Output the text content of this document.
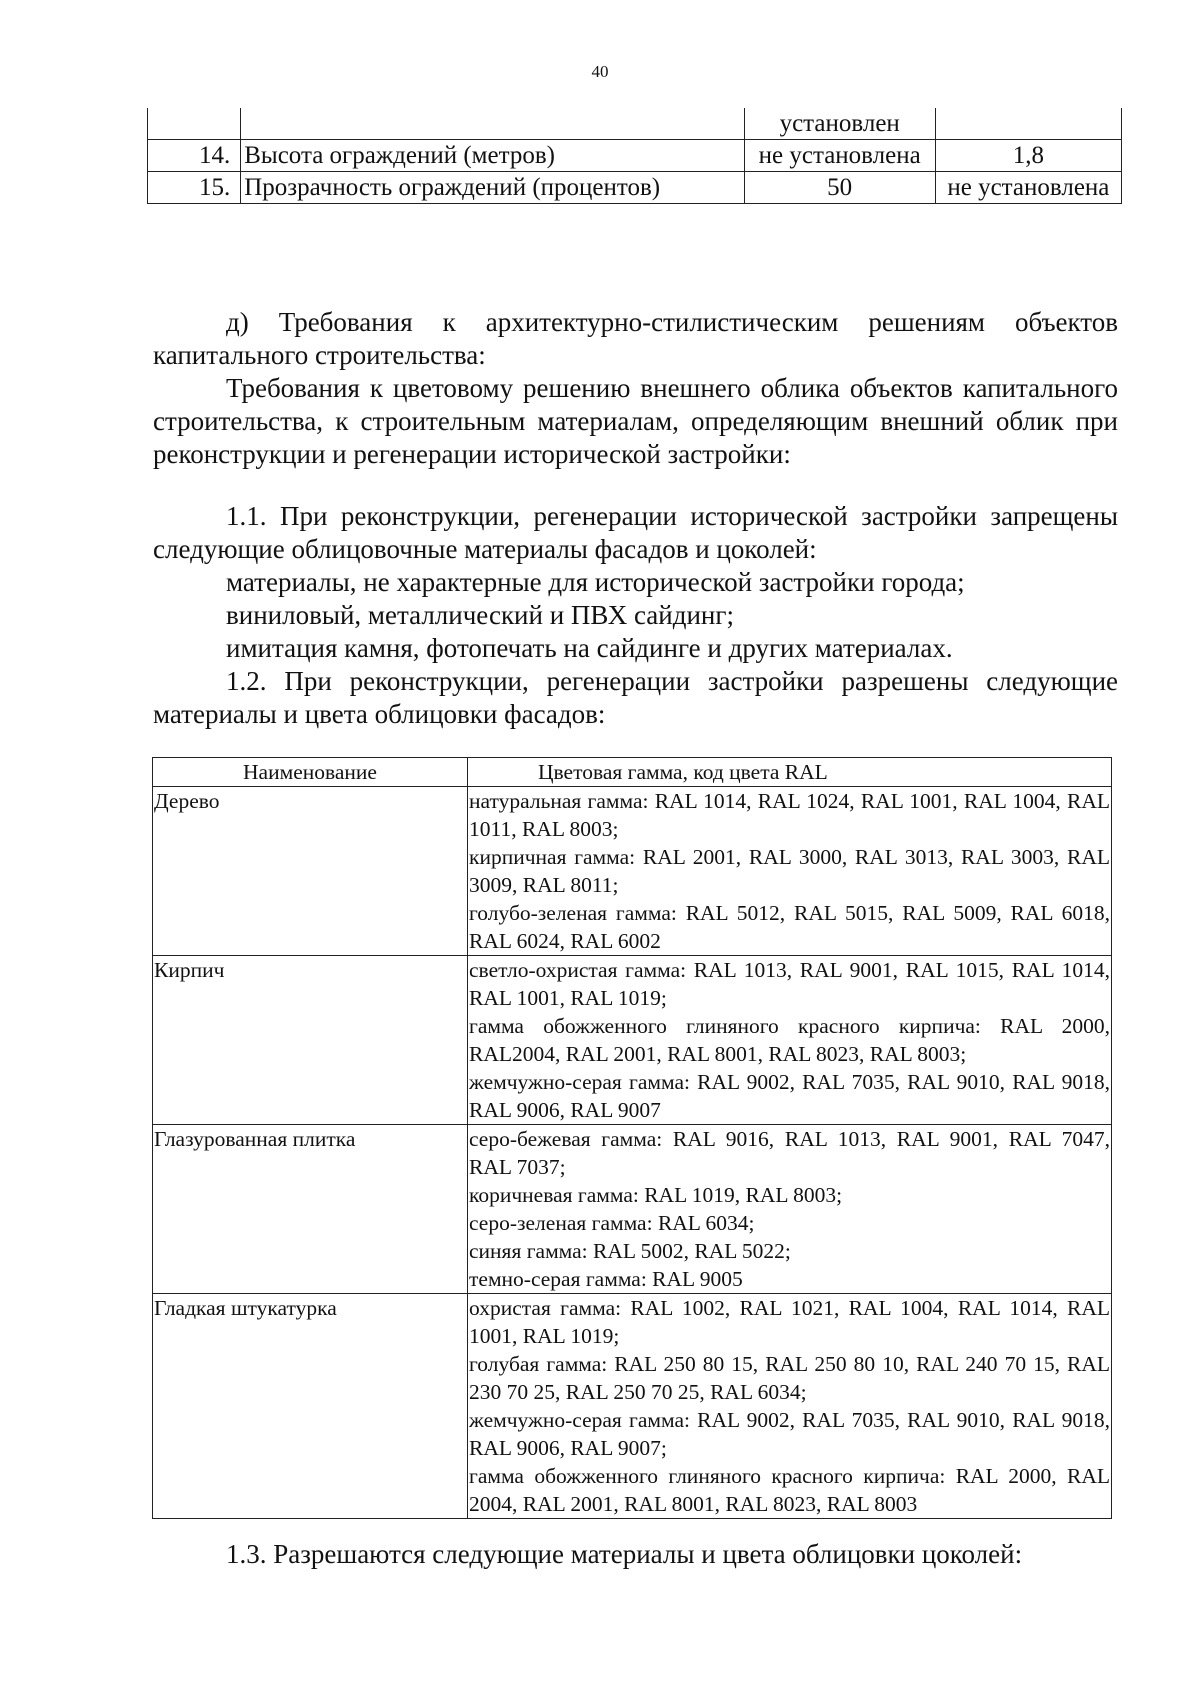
40
		установлен	
14.	Высота ограждений (метров)	не установлена	1,8
15.	Прозрачность ограждений (процентов)	50	не установлена

д) Требования к архитектурно-стилистическим решениям объектов капитального строительства:

Требования к цветовому решению внешнего облика объектов капитального строительства, к строительным материалам, определяющим внешний облик при реконструкции и регенерации исторической застройки:

1.1. При реконструкции, регенерации исторической застройки запрещены следующие облицовочные материалы фасадов и цоколей:

материалы, не характерные для исторической застройки города;

виниловый, металлический и ПВХ сайдинг;

имитация камня, фотопечать на сайдинге и других материалах.

1.2. При реконструкции, регенерации застройки разрешены следующие материалы и цвета облицовки фасадов:

Наименование	Цветовая гамма, код цвета RAL
Дерево	натуральная гамма: RAL 1014, RAL 1024, RAL 1001, RAL 1004, RAL 1011, RAL 8003;
кирпичная гамма: RAL 2001, RAL 3000, RAL 3013, RAL 3003, RAL 3009, RAL 8011;
голубо-зеленая гамма: RAL 5012, RAL 5015, RAL 5009, RAL 6018, RAL 6024, RAL 6002

Кирпич	светло-охристая гамма: RAL 1013, RAL 9001, RAL 1015, RAL 1014, RAL 1001, RAL 1019;
гамма обожженного глиняного красного кирпича: RAL 2000, RAL2004, RAL 2001, RAL 8001, RAL 8023, RAL 8003;
жемчужно-серая гамма: RAL 9002, RAL 7035, RAL 9010, RAL 9018, RAL 9006, RAL 9007

Глазурованная плитка	серо-бежевая гамма: RAL 9016, RAL 1013, RAL 9001, RAL 7047, RAL 7037;
коричневая гамма: RAL 1019, RAL 8003;
серо-зеленая гамма: RAL 6034;
синяя гамма: RAL 5002, RAL 5022;
темно-серая гамма: RAL 9005

Гладкая штукатурка	охристая гамма: RAL 1002, RAL 1021, RAL 1004, RAL 1014, RAL 1001, RAL 1019;
голубая гамма: RAL 250 80 15, RAL 250 80 10, RAL 240 70 15, RAL 230 70 25, RAL 250 70 25, RAL 6034;
жемчужно-серая гамма: RAL 9002, RAL 7035, RAL 9010, RAL 9018, RAL 9006, RAL 9007;
гамма обожженного глиняного красного кирпича: RAL 2000, RAL 2004, RAL 2001, RAL 8001, RAL 8023, RAL 8003

1.3. Разрешаются следующие материалы и цвета облицовки цоколей:
